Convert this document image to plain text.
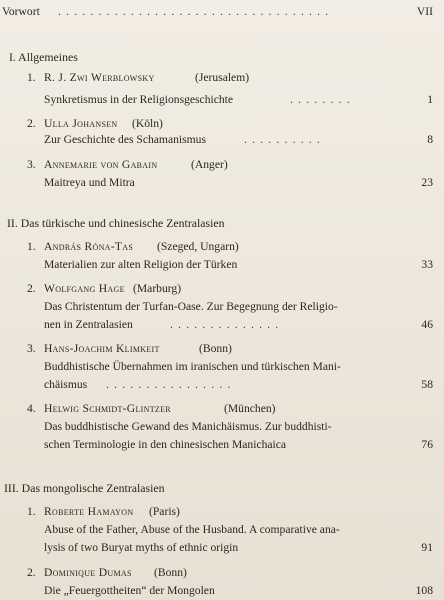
Vorwort ..................................	VII
I. Allgemeines
1. R. J. Zwi Werblowsky	(Jerusalem)
Synkretismus in der Religionsgeschichte	........	1
2. Ulla Johansen (Köln)
Zur Geschichte des Schamanismus	..........	8
3. Annemarie von Gabain	(Anger)
Maitreya und Mitra	23
II. Das türkische und chinesische Zentralasien
1. András Róna-Tas (Szeged, Ungarn)
Materialien zur alten Religion der Türken	33
2. Wolfgang Hage (Marburg)
Das Christentum der Turfan-Oase. Zur Begegnung der Religio-
nen in Zentralasien	..............	46
3. Hans-Joachim Klimkeit	(Bonn)
Buddhistische Übernahmen im iranischen und türkischen Mani-
chäismus ................	58
4. Helwig Schmidt-Glintzer	(München)
Das buddhistische Gewand des Manichäismus. Zur buddhisti-
schen Terminologie in den chinesischen Manichaica	76
III. Das mongolische Zentralasien
1. Roberte Hamayon (Paris)
Abuse of the Father, Abuse of the Husband. A comparative ana-
lysis of two Buryat myths of ethnic origin	91
2. Dominique Dumas (Bonn)
Die „Feuergottheiten“ der Mongolen	108
